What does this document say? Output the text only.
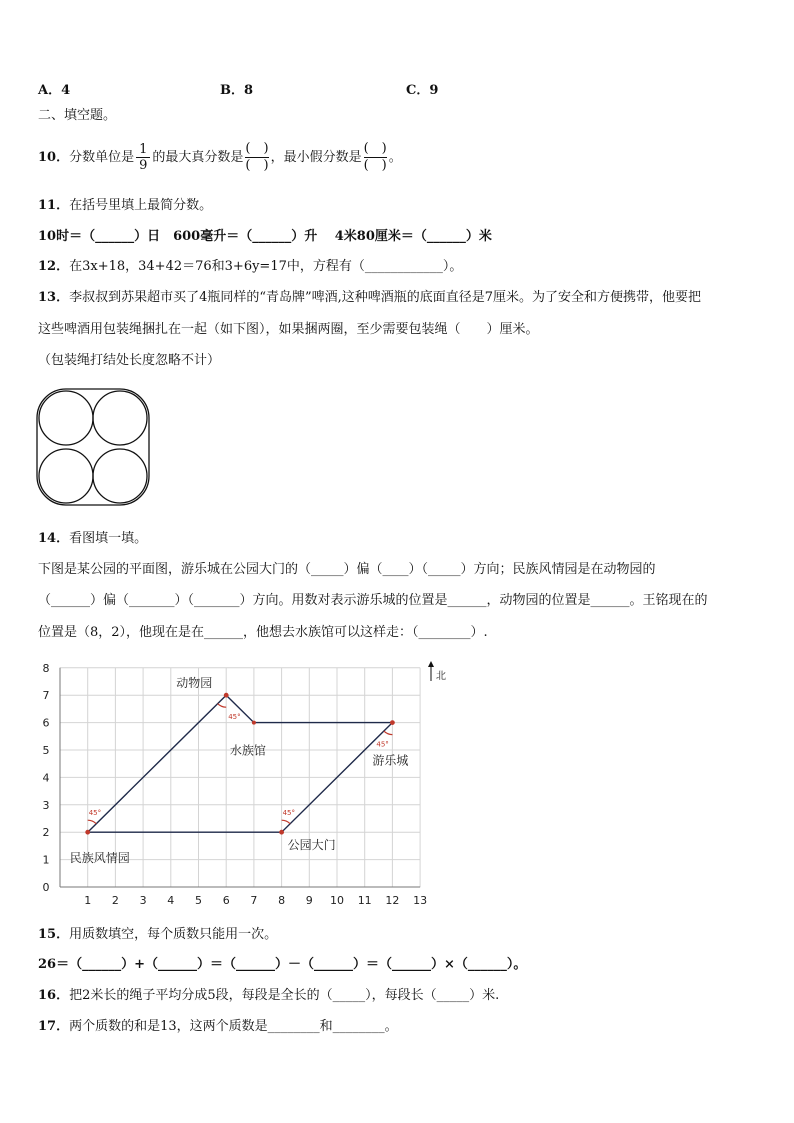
A．4	B．8	C．9
二、填空题。
10．分数单位是 $\frac{1}{9}$ 的最大真分数是
(　)
(　)
，最小假分数是
(　)
(　)
。
11．在括号里填上最简分数。
10时＝（______）日　600毫升＝（______）升　 4米80厘米＝（______）米
12．在3x+18，34+42＝76和3+6y=17中，方程有（____________）。
13．李叔叔到苏果超市买了4瓶同样的“青岛牌”啤酒,这种啤酒瓶的底面直径是7厘米。为了安全和方便携带，他要把
这些啤酒用包装绳捆扎在一起（如下图），如果捆两圈，至少需要包装绳（　　）厘米。
（包装绳打结处长度忽略不计）
14．看图填一填。
下图是某公园的平面图，游乐城在公园大门的（_____）偏（____）（_____）方向；民族风情园是在动物园的
（______）偏（_______）（_______）方向。用数对表示游乐城的位置是______，动物园的位置是______。王铭现在的
位置是（8，2），他现在是在______，他想去水族馆可以这样走：（________）.
1 2 3 4 5 6 7 8 9 10 11 12 13
0
1
2
3
4
5
6
7
8
45°	45°
45°
45°
民族风情园
动物园
水族馆
游乐城
公园大门
北
15．用质数填空，每个质数只能用一次。
26＝（______）+（______）＝（______）－（______）＝（______）×（______）。
16．把2米长的绳子平均分成5段，每段是全长的（_____），每段长（_____）米.
17．两个质数的和是13，这两个质数是________和________。
